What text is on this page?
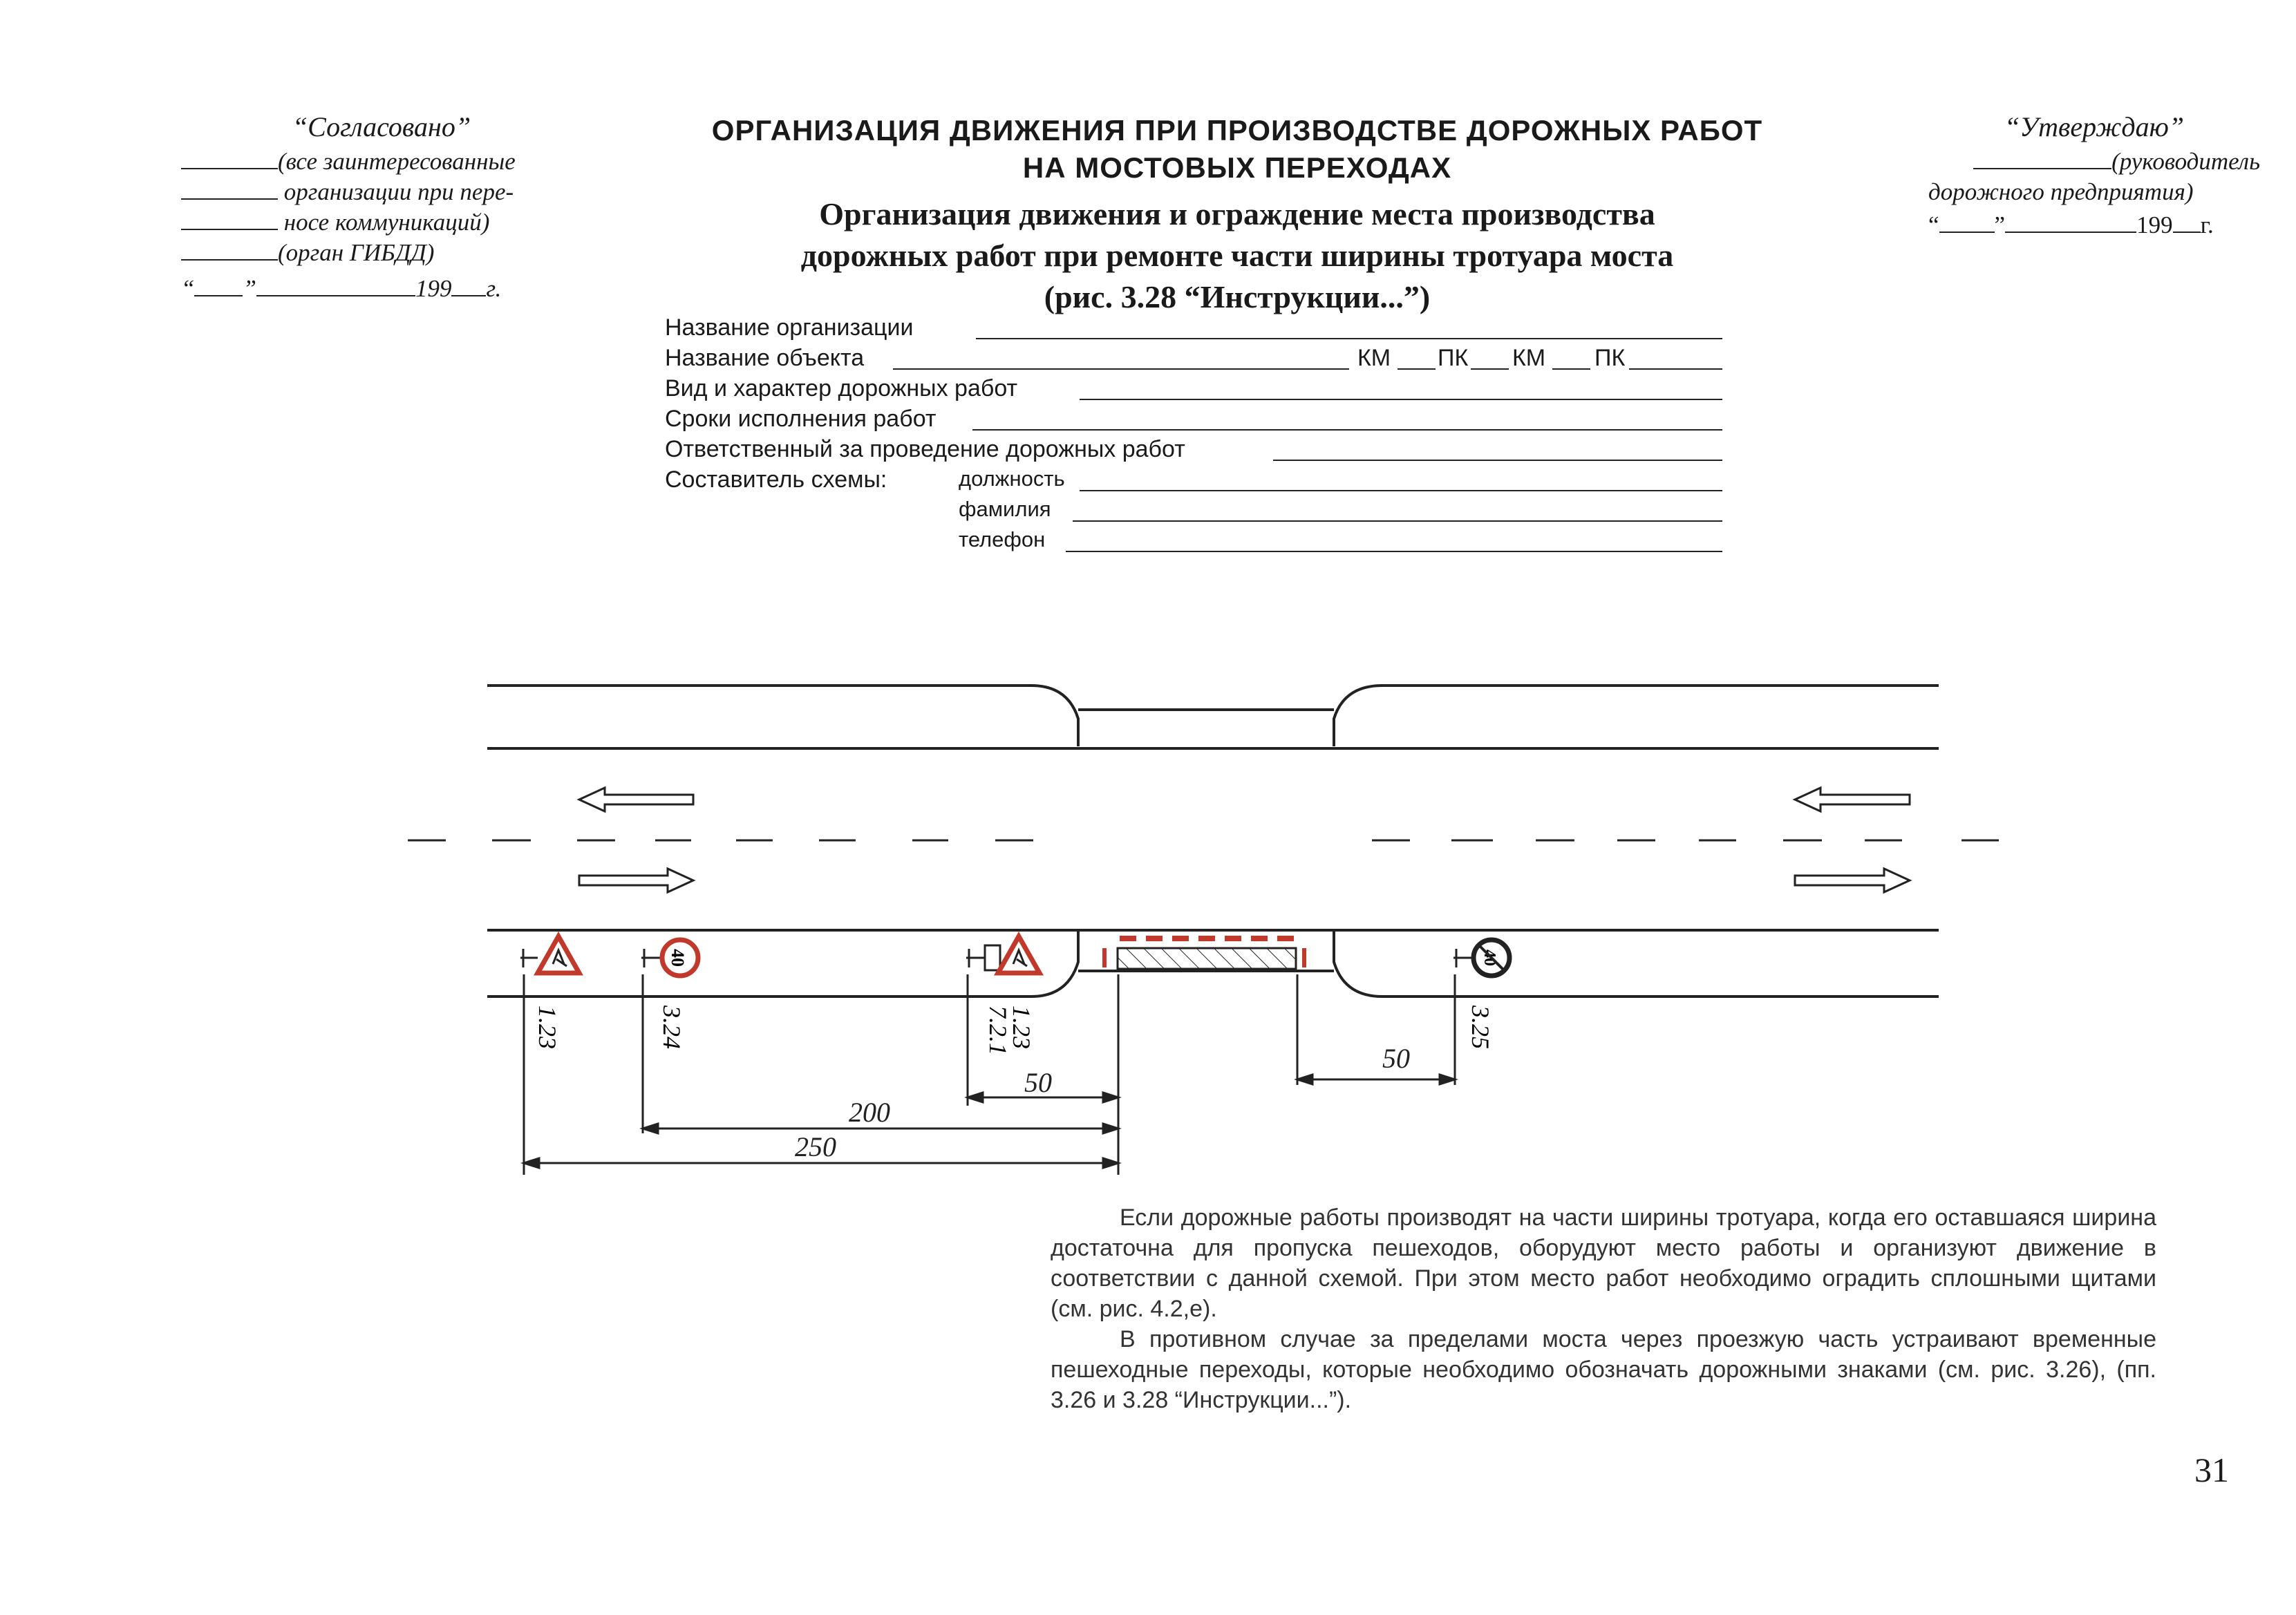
“Согласовано”
(все заинтересованные
организации при пере-
носе коммуникаций)
(орган ГИБДД)
“ ”	199 г.
“Утверждаю”
(руководитель
дорожного предприятия)
“ ”	199 г.
ОРГАНИЗАЦИЯ ДВИЖЕНИЯ ПРИ ПРОИЗВОДСТВЕ ДОРОЖНЫХ РАБОТ
НА МОСТОВЫХ ПЕРЕХОДАХ
Организация движения и ограждение места производства
дорожных работ при ремонте части ширины тротуара моста
(рис. 3.28 “Инструкции...”)
Название организации
Название объекта	КМ ПК КМ ПК
Вид и характер дорожных работ
Сроки исполнения работ
Ответственный за проведение дорожных работ
Составитель схемы:	должность
фамилия
телефон
1.23
40
3.24	1.23
7.2.1
40
3.25
50
200
250
50

Если дорожные работы производят на части ширины тротуара, когда его оставшаяся ширина достаточна для пропуска пешеходов, оборудуют место работы и организуют движение в соответствии с данной схемой. При этом место работ необходимо оградить сплошными щитами (см. рис. 4.2,е).

В противном случае за пределами моста через проезжую часть устраивают временные пешеходные переходы, которые необходимо обозначать дорожными знаками (см. рис. 3.26), (пп. 3.26 и 3.28 “Инструкции...”).

31
